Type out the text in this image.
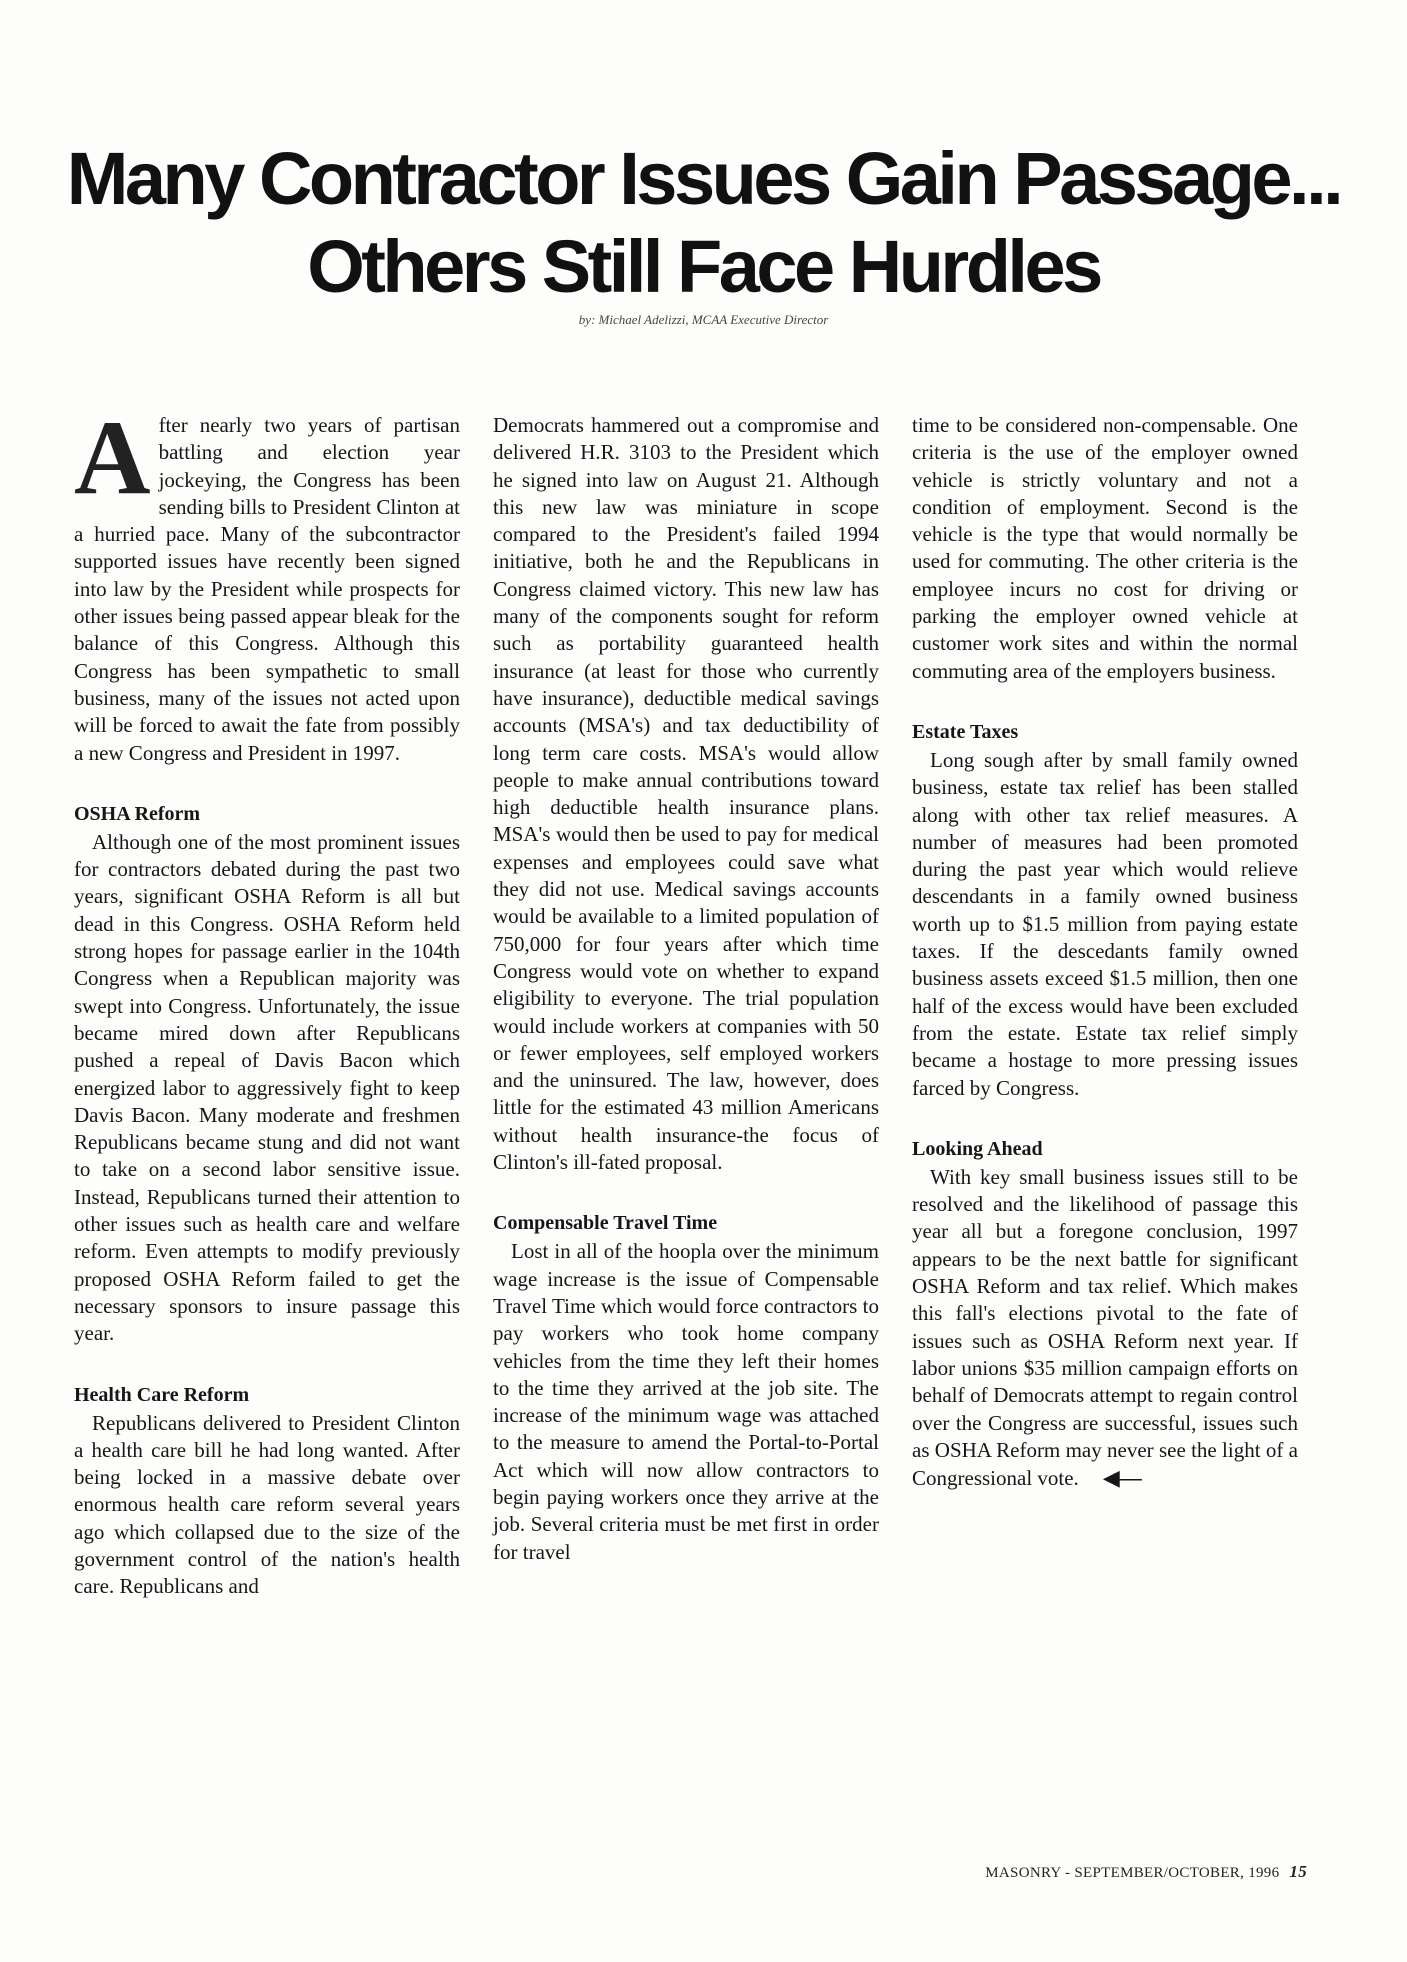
Many Contractor Issues Gain Passage...
Others Still Face Hurdles
by: Michael Adelizzi, MCAA Executive Director

After nearly two years of partisan battling and election year jockeying, the Congress has been sending bills to President Clinton at a hurried pace. Many of the subcontractor supported issues have recently been signed into law by the President while prospects for other issues being passed appear bleak for the balance of this Congress. Although this Congress has been sympathetic to small business, many of the issues not acted upon will be forced to await the fate from possibly a new Congress and President in 1997.

OSHA Reform

Although one of the most prominent issues for contractors debated during the past two years, significant OSHA Reform is all but dead in this Congress. OSHA Reform held strong hopes for passage earlier in the 104th Congress when a Republican majority was swept into Congress. Unfortunately, the issue became mired down after Republicans pushed a repeal of Davis Bacon which energized labor to aggressively fight to keep Davis Bacon. Many moderate and freshmen Republicans became stung and did not want to take on a second labor sensitive issue. Instead, Republicans turned their attention to other issues such as health care and welfare reform. Even attempts to modify previously proposed OSHA Reform failed to get the necessary sponsors to insure passage this year.

Health Care Reform

Republicans delivered to President Clinton a health care bill he had long wanted. After being locked in a massive debate over enormous health care reform several years ago which collapsed due to the size of the government control of the nation's health care. Republicans and

Democrats hammered out a compromise and delivered H.R. 3103 to the President which he signed into law on August 21. Although this new law was miniature in scope compared to the President's failed 1994 initiative, both he and the Republicans in Congress claimed victory. This new law has many of the components sought for reform such as portability guaranteed health insurance (at least for those who currently have insurance), deductible medical savings accounts (MSA's) and tax deductibility of long term care costs. MSA's would allow people to make annual contributions toward high deductible health insurance plans. MSA's would then be used to pay for medical expenses and employees could save what they did not use. Medical savings accounts would be available to a limited population of 750,000 for four years after which time Congress would vote on whether to expand eligibility to everyone. The trial population would include workers at companies with 50 or fewer employees, self employed workers and the uninsured. The law, however, does little for the estimated 43 million Americans without health insurance-the focus of Clinton's ill-fated proposal.

Compensable Travel Time

Lost in all of the hoopla over the minimum wage increase is the issue of Compensable Travel Time which would force contractors to pay workers who took home company vehicles from the time they left their homes to the time they arrived at the job site. The increase of the minimum wage was attached to the measure to amend the Portal-to-Portal Act which will now allow contractors to begin paying workers once they arrive at the job. Several criteria must be met first in order for travel

time to be considered non-compensable. One criteria is the use of the employer owned vehicle is strictly voluntary and not a condition of employment. Second is the vehicle is the type that would normally be used for commuting. The other criteria is the employee incurs no cost for driving or parking the employer owned vehicle at customer work sites and within the normal commuting area of the employers business.

Estate Taxes

Long sough after by small family owned business, estate tax relief has been stalled along with other tax relief measures. A number of measures had been promoted during the past year which would relieve descendants in a family owned business worth up to $1.5 million from paying estate taxes. If the descedants family owned business assets exceed $1.5 million, then one half of the excess would have been excluded from the estate. Estate tax relief simply became a hostage to more pressing issues farced by Congress.

Looking Ahead

With key small business issues still to be resolved and the likelihood of passage this year all but a foregone conclusion, 1997 appears to be the next battle for significant OSHA Reform and tax relief. Which makes this fall's elections pivotal to the fate of issues such as OSHA Reform next year. If labor unions $35 million campaign efforts on behalf of Democrats attempt to regain control over the Congress are successful, issues such as OSHA Reform may never see the light of a Congressional vote. ◀—

MASONRY - SEPTEMBER/OCTOBER, 1996 15
